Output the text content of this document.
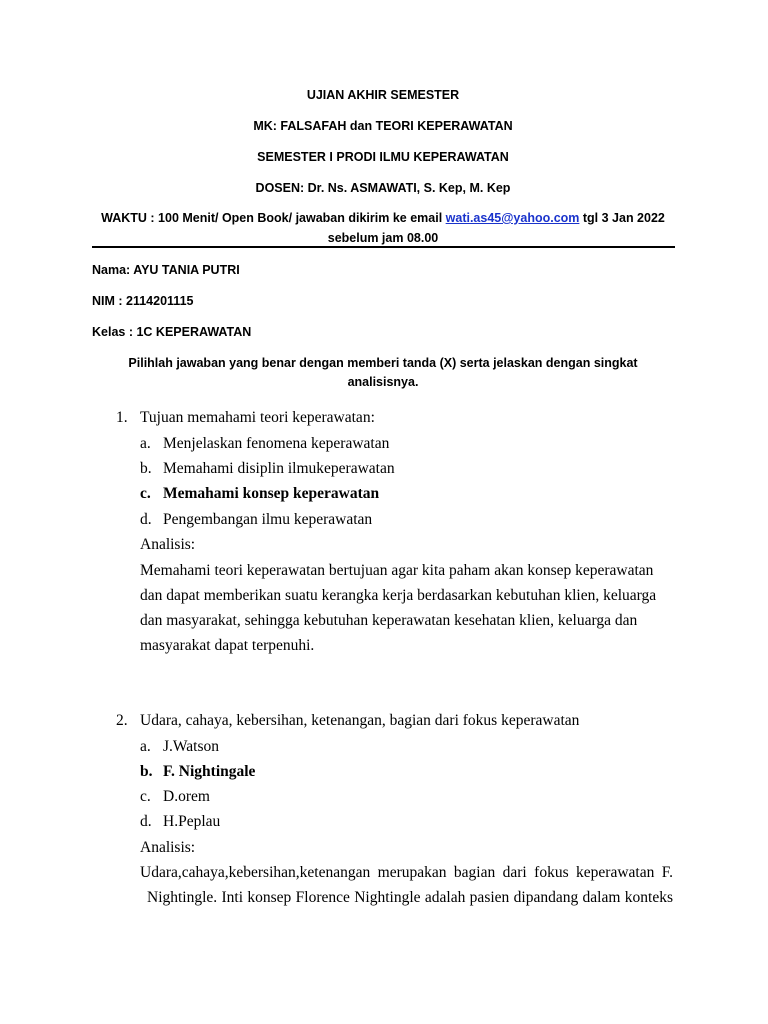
UJIAN AKHIR SEMESTER
MK: FALSAFAH dan TEORI KEPERAWATAN
SEMESTER I PRODI ILMU KEPERAWATAN
DOSEN: Dr. Ns. ASMAWATI, S. Kep, M. Kep
WAKTU : 100 Menit/ Open Book/ jawaban dikirim ke email wati.as45@yahoo.com tgl 3 Jan 2022
sebelum jam 08.00
Nama: AYU TANIA PUTRI
NIM : 2114201115
Kelas : 1C KEPERAWATAN
Pilihlah jawaban yang benar dengan memberi tanda (X) serta jelaskan dengan singkat
analisisnya.
1. Tujuan memahami teori keperawatan:
a. Menjelaskan fenomena keperawatan
b. Memahami disiplin ilmukeperawatan
c. Memahami konsep keperawatan
d. Pengembangan ilmu keperawatan
Analisis:
Memahami teori keperawatan bertujuan agar kita paham akan konsep keperawatan
dan dapat memberikan suatu kerangka kerja berdasarkan kebutuhan klien, keluarga
dan masyarakat, sehingga kebutuhan keperawatan kesehatan klien, keluarga dan
masyarakat dapat terpenuhi.
2. Udara, cahaya, kebersihan, ketenangan, bagian dari fokus keperawatan
a. J.Watson
b. F. Nightingale
c. D.orem
d. H.Peplau
Analisis:
Udara,cahaya,kebersihan,ketenangan merupakan bagian dari fokus keperawatan F.
Nightingle. Inti konsep Florence Nightingle adalah pasien dipandang dalam konteks
